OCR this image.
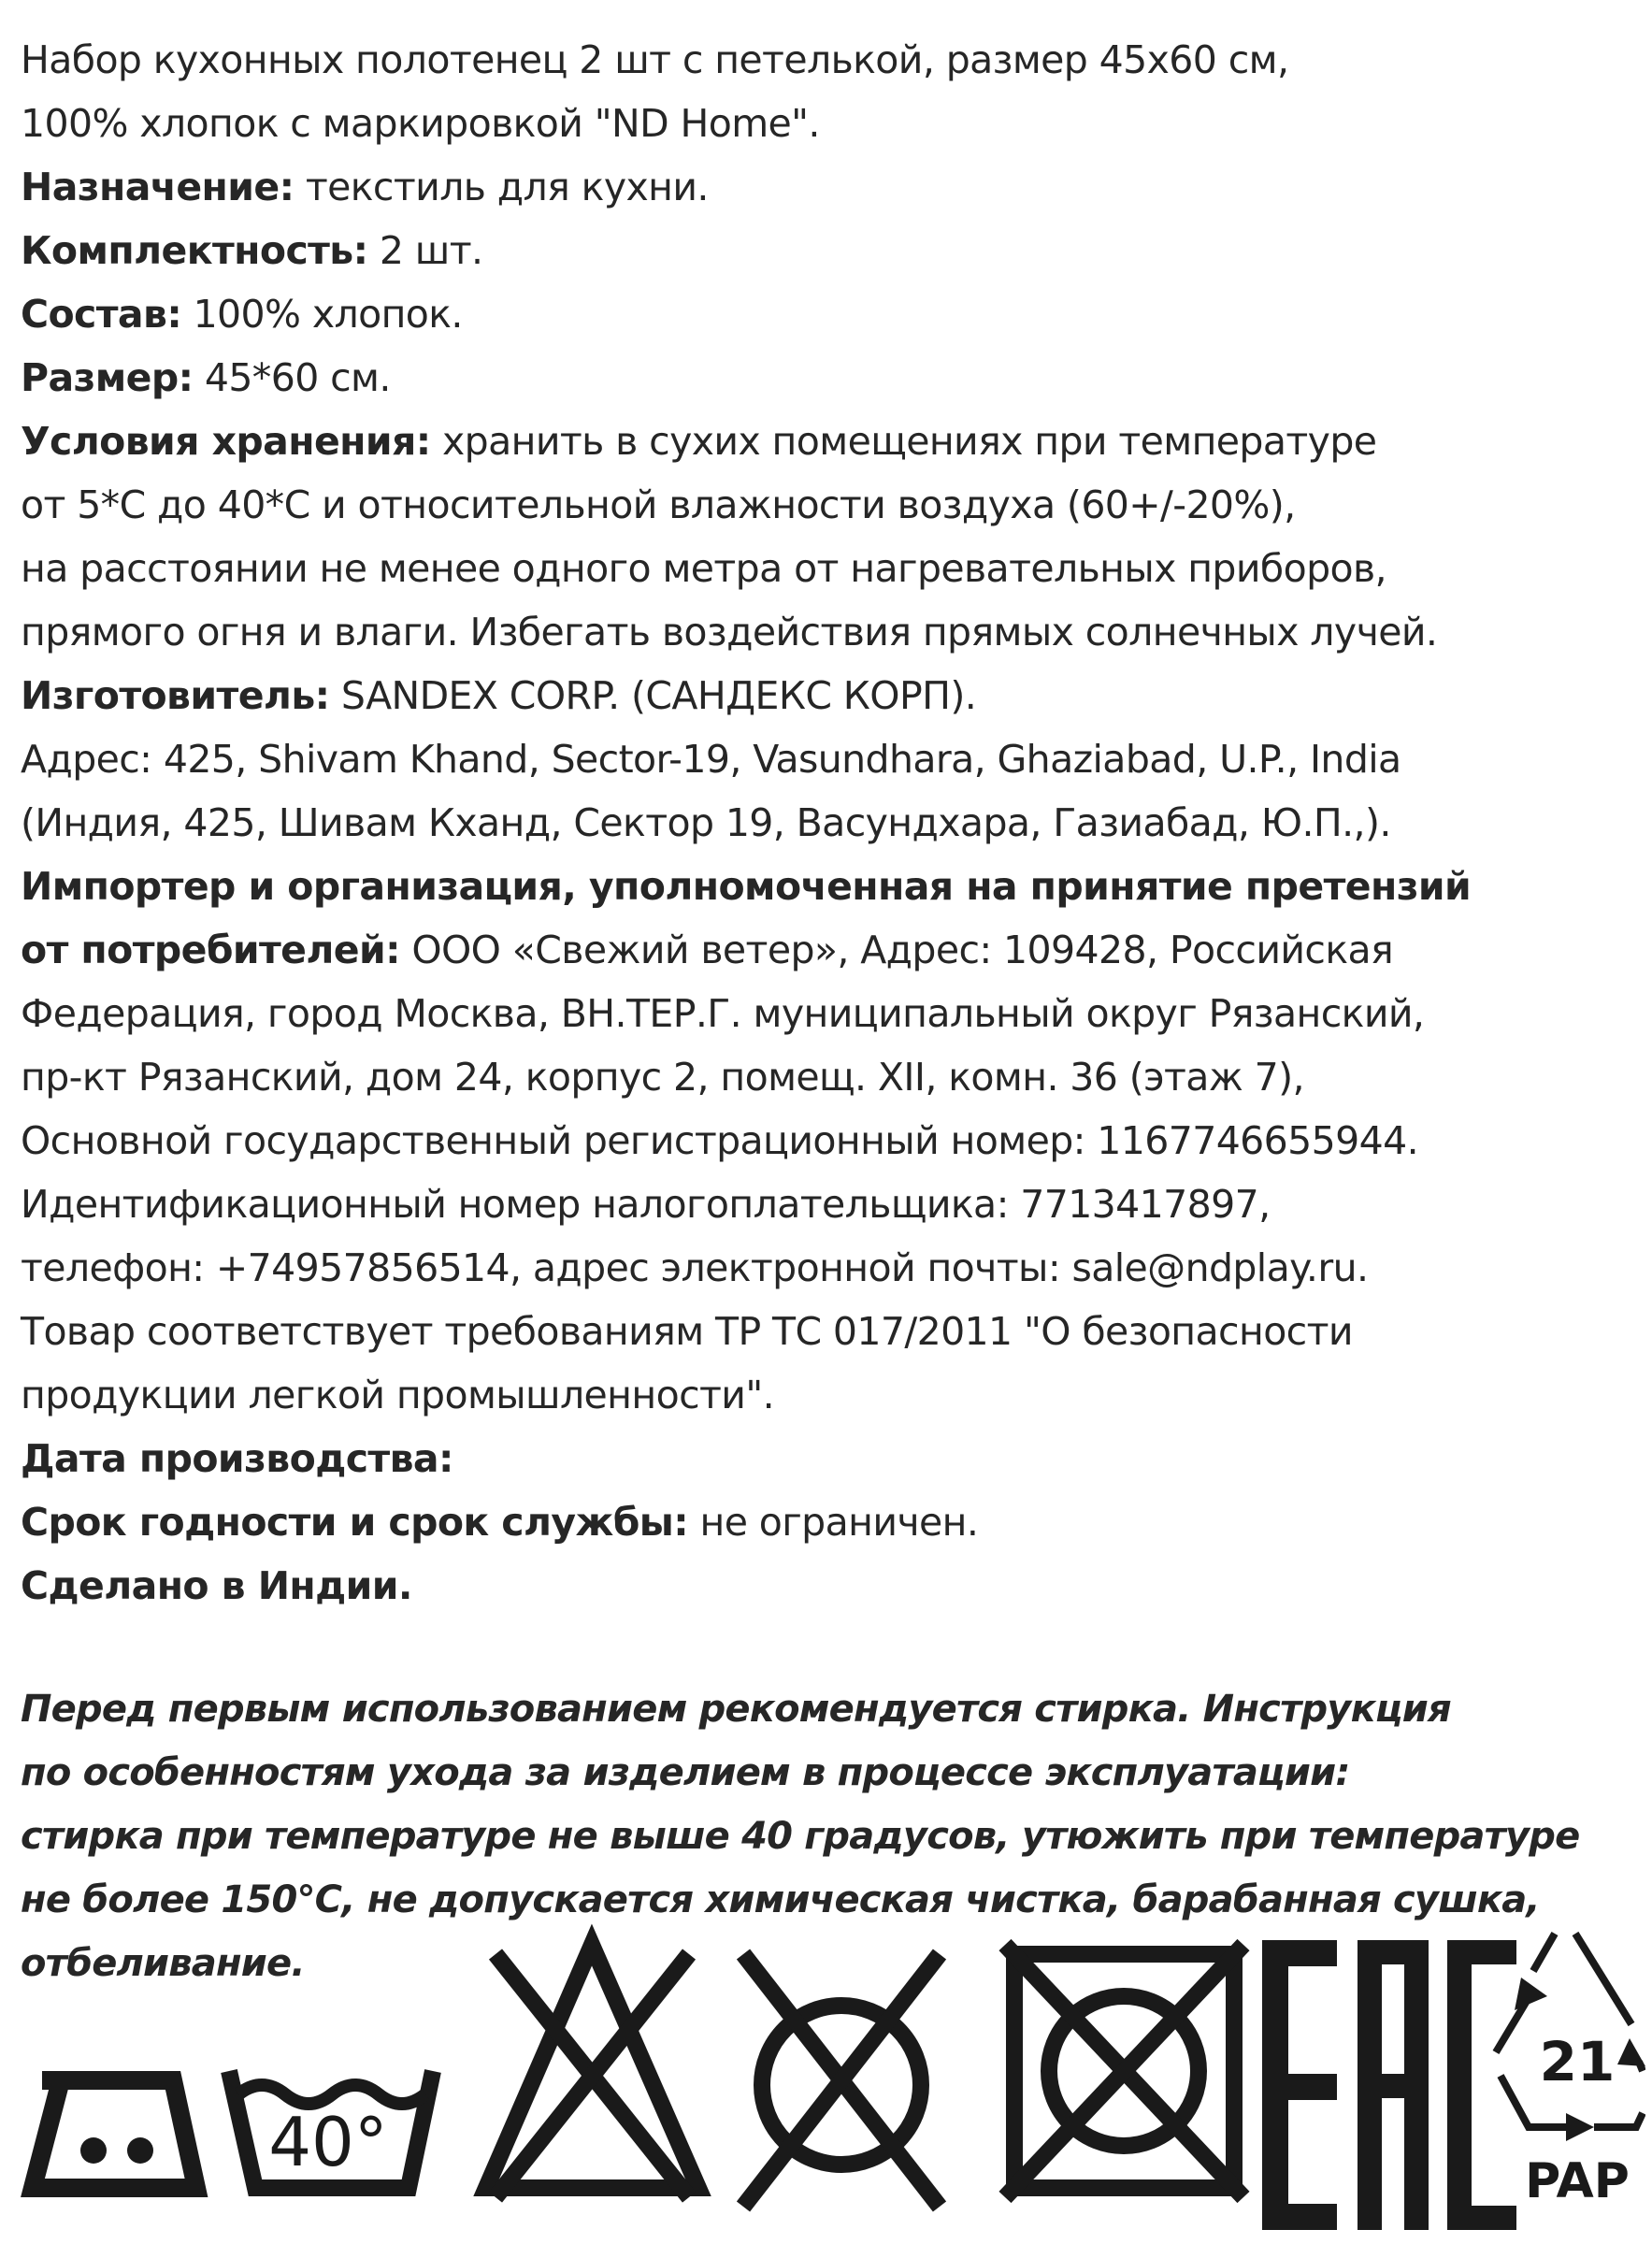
Набор кухонных полотенец 2 шт с петелькой, размер 45х60 см,
100% хлопок с маркировкой "ND Home".
Назначение: текстиль для кухни.
Комплектность: 2 шт.
Состав: 100% хлопок.
Размер: 45*60 см.
Условия хранения: хранить в сухих помещениях при температуре
от 5*С до 40*С и относительной влажности воздуха (60+/-20%),
на расстоянии не менее одного метра от нагревательных приборов,
прямого огня и влаги. Избегать воздействия прямых солнечных лучей.
Изготовитель: SANDEX CORP. (САНДЕКС КОРП).
Адрес: 425, Shivam Khand, Sector-19, Vasundhara, Ghaziabad, U.P., India
(Индия, 425, Шивам Кханд, Сектор 19, Васундхара, Газиабад, Ю.П.,).
Импортер и организация, уполномоченная на принятие претензий
от потребителей: ООО «Свежий ветер», Адрес: 109428, Российская
Федерация, город Москва, ВН.ТЕР.Г. муниципальный округ Рязанский,
пр-кт Рязанский, дом 24, корпус 2, помещ. XII, комн. 36 (этаж 7),
Основной государственный регистрационный номер: 1167746655944.
Идентификационный номер налогоплательщика: 7713417897,
телефон: +74957856514, адрес электронной почты: sale@ndplay.ru.
Товар соответствует требованиям ТР ТС 017/2011 "О безопасности
продукции легкой промышленности".
Дата производства:
Срок годности и срок службы: не ограничен.
Сделано в Индии.
Перед первым использованием рекомендуется стирка. Инструкция
по особенностям ухода за изделием в процессе эксплуатации:
стирка при температуре не выше 40 градусов, утюжить при температуре
не более 150°С, не допускается химическая чистка, барабанная сушка,
отбеливание.
40°
21
PAP
